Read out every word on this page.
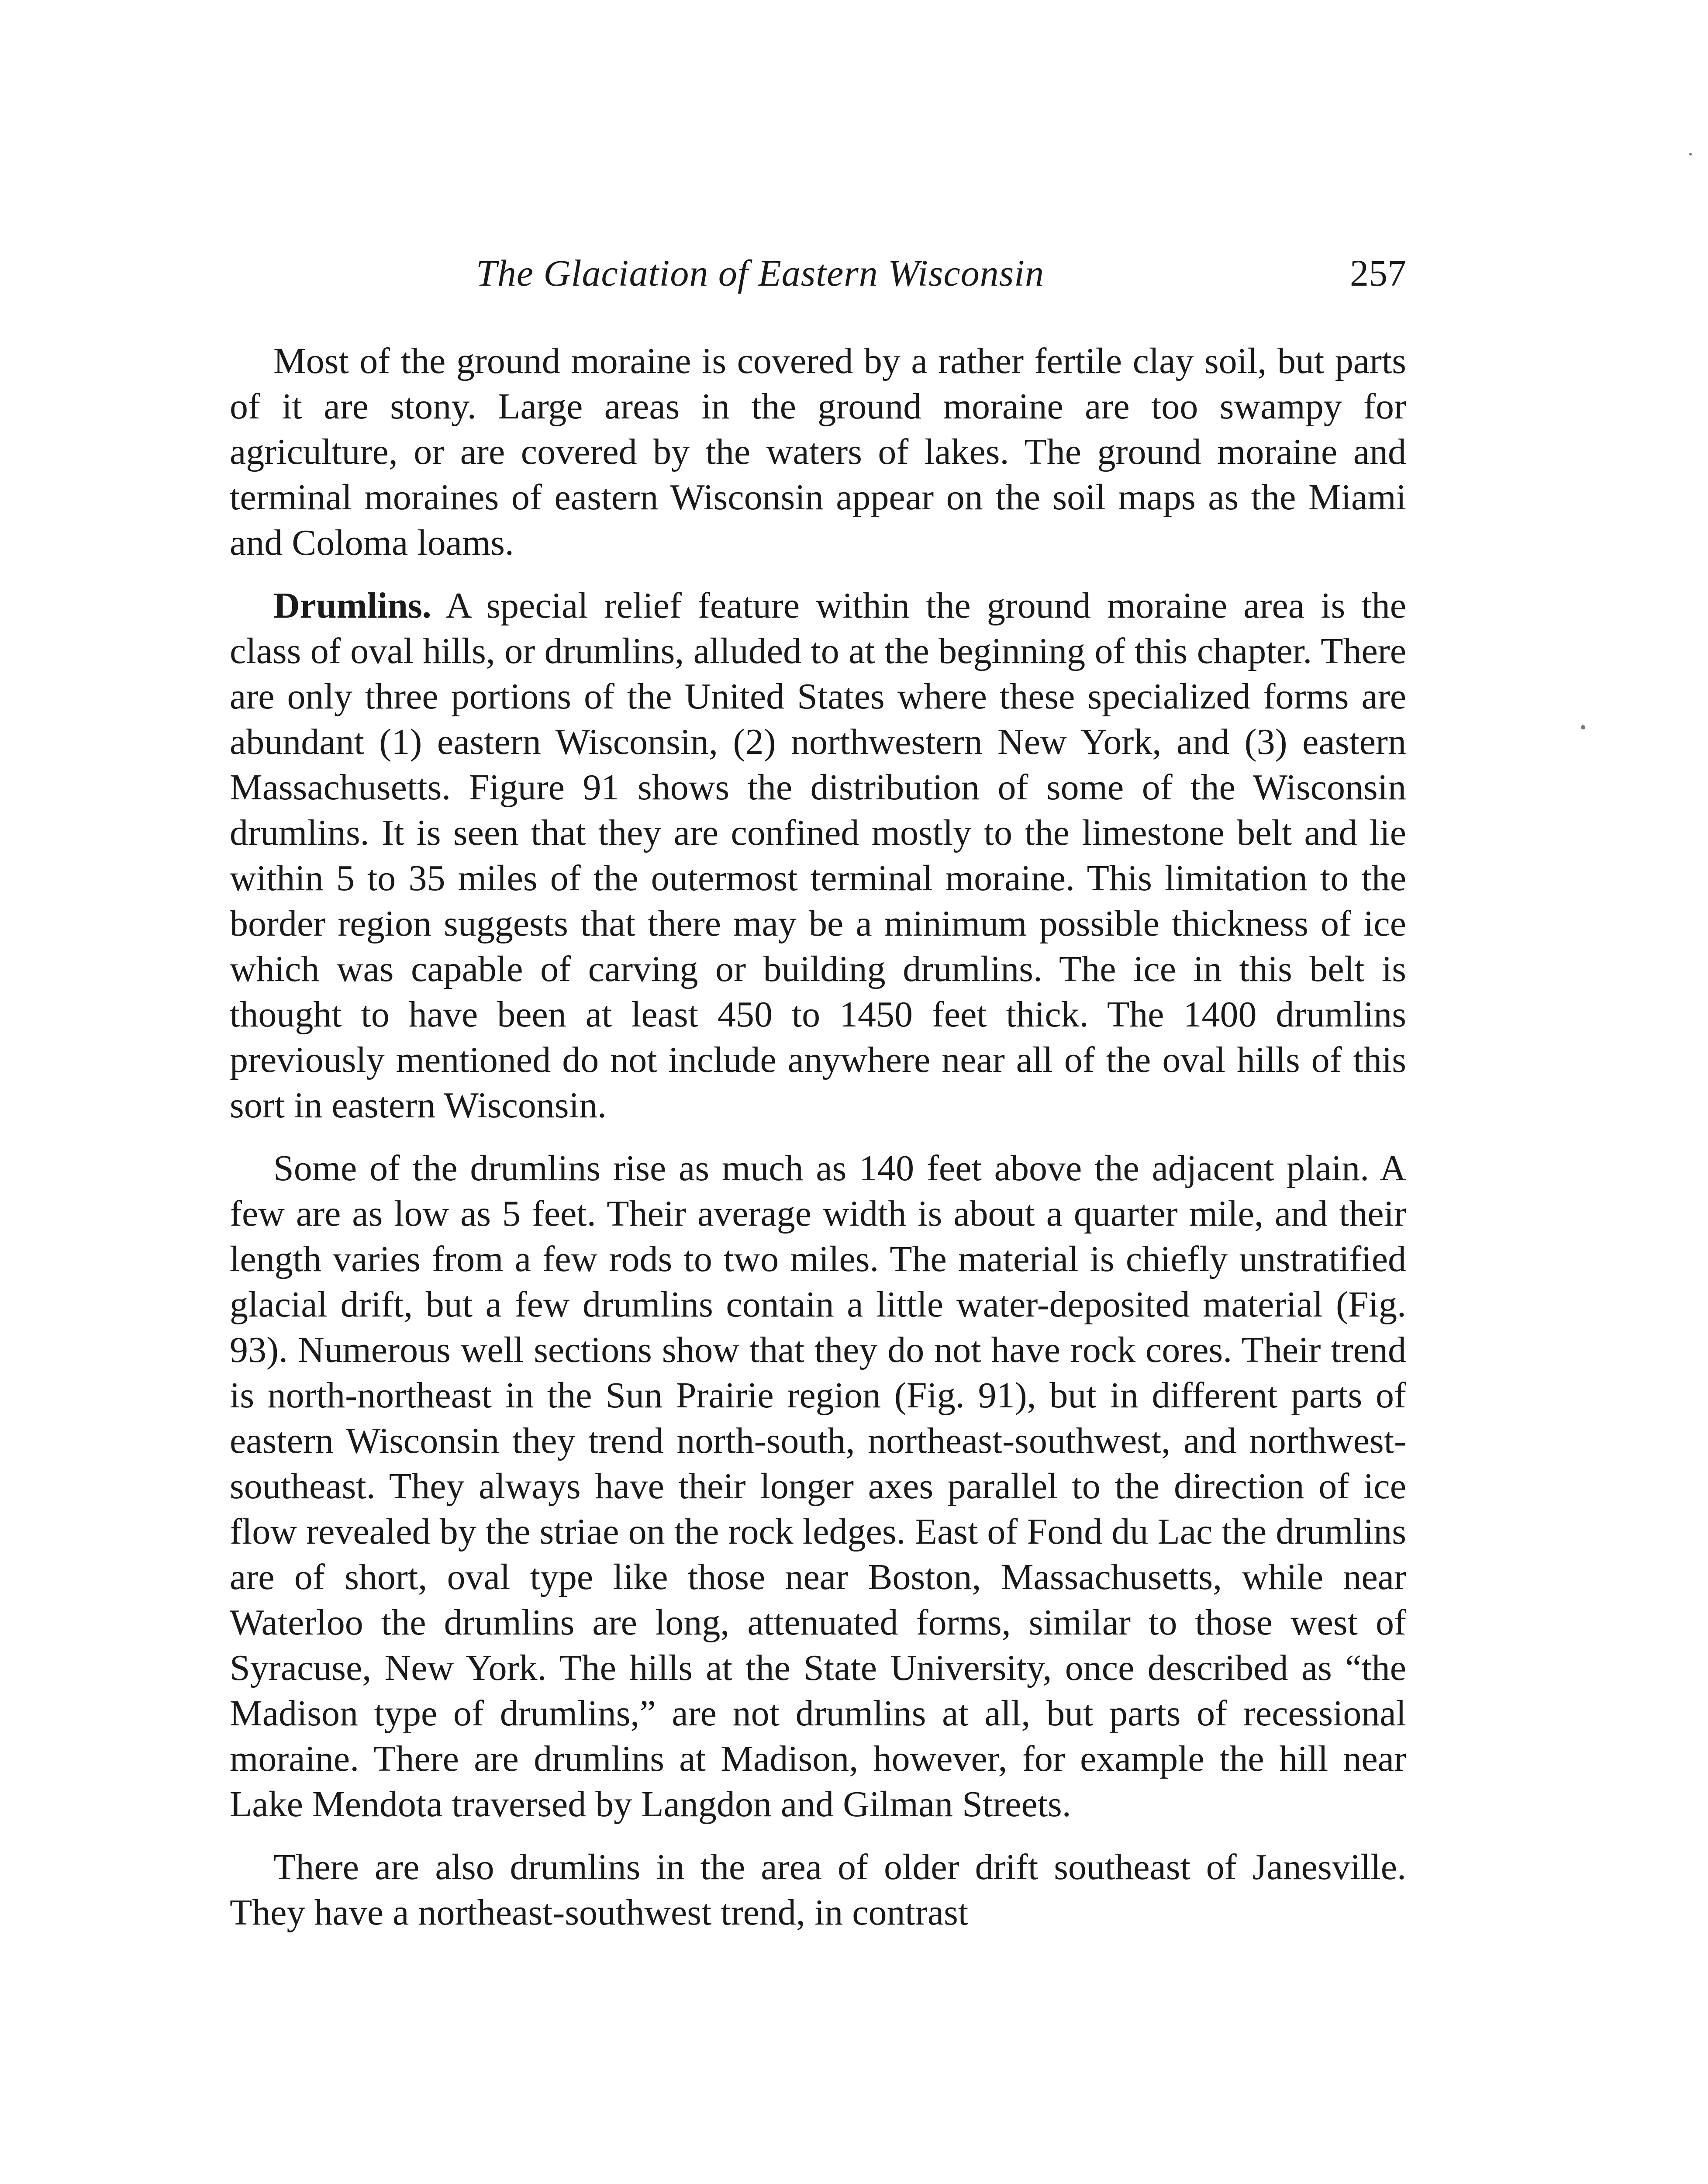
The Glaciation of Eastern Wisconsin	257

Most of the ground moraine is covered by a rather fertile clay soil, but parts of it are stony. Large areas in the ground moraine are too swampy for agriculture, or are covered by the waters of lakes. The ground moraine and terminal moraines of eastern Wisconsin appear on the soil maps as the Miami and Coloma loams.

Drumlins. A special relief feature within the ground moraine area is the class of oval hills, or drumlins, alluded to at the beginning of this chapter. There are only three portions of the United States where these specialized forms are abundant (1) eastern Wisconsin, (2) northwestern New York, and (3) eastern Massachusetts. Figure 91 shows the distribution of some of the Wisconsin drumlins. It is seen that they are confined mostly to the limestone belt and lie within 5 to 35 miles of the outermost terminal moraine. This limitation to the border region suggests that there may be a minimum possible thickness of ice which was capable of carving or building drumlins. The ice in this belt is thought to have been at least 450 to 1450 feet thick. The 1400 drumlins previously mentioned do not include anywhere near all of the oval hills of this sort in eastern Wisconsin.

Some of the drumlins rise as much as 140 feet above the adjacent plain. A few are as low as 5 feet. Their average width is about a quarter mile, and their length varies from a few rods to two miles. The material is chiefly unstratified glacial drift, but a few drumlins contain a little water-deposited material (Fig. 93). Numerous well sections show that they do not have rock cores. Their trend is north-northeast in the Sun Prairie region (Fig. 91), but in different parts of eastern Wisconsin they trend north-south, northeast-southwest, and northwest-southeast. They always have their longer axes parallel to the direction of ice flow revealed by the striae on the rock ledges. East of Fond du Lac the drumlins are of short, oval type like those near Boston, Massachusetts, while near Waterloo the drumlins are long, attenuated forms, similar to those west of Syracuse, New York. The hills at the State University, once described as “the Madison type of drumlins,” are not drumlins at all, but parts of recessional moraine. There are drumlins at Madison, however, for example the hill near Lake Mendota traversed by Langdon and Gilman Streets.

There are also drumlins in the area of older drift southeast of Janesville. They have a northeast-southwest trend, in contrast
